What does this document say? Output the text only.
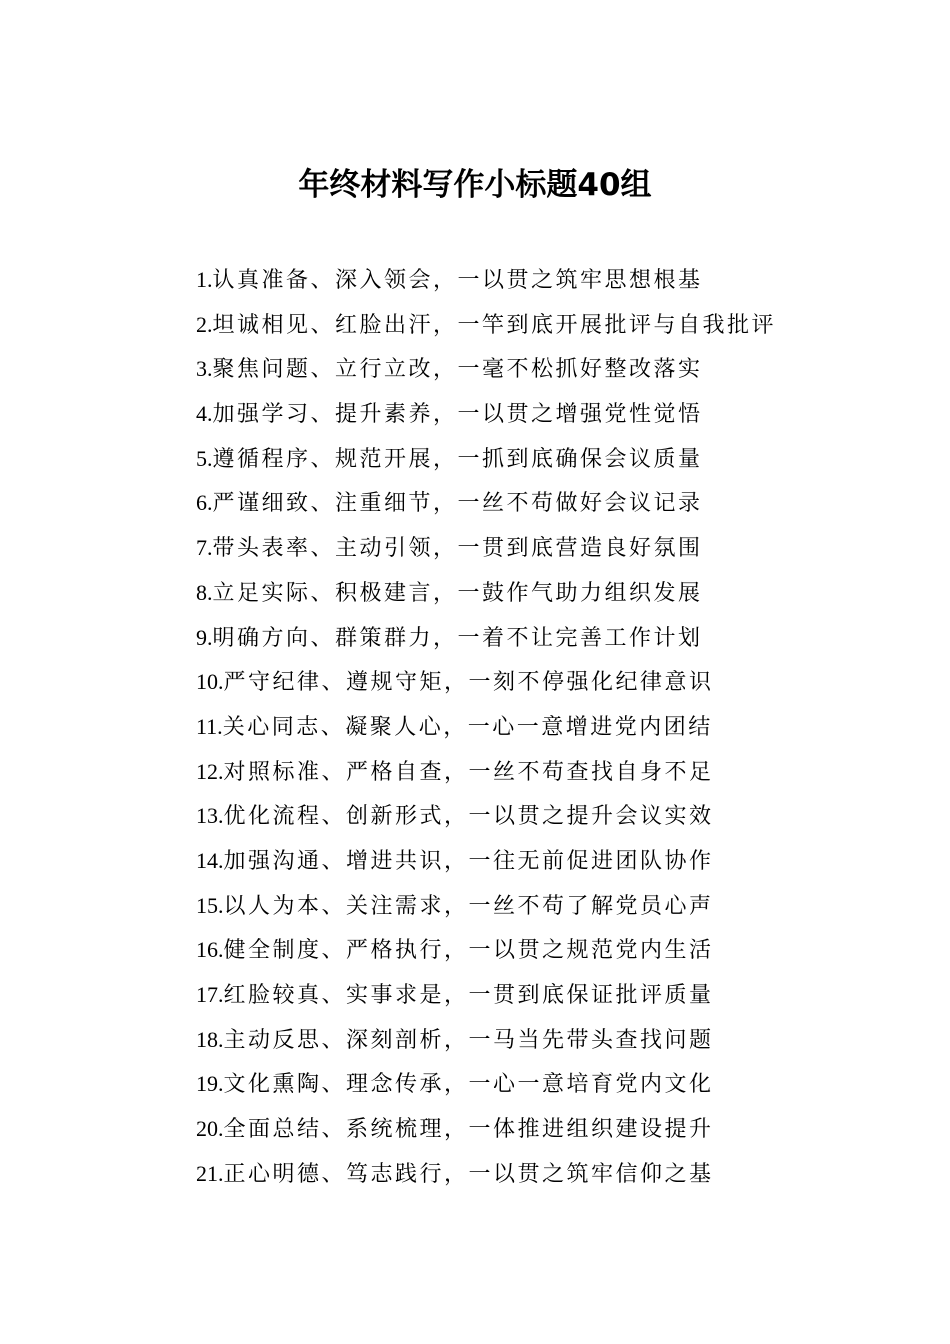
年终材料写作小标题40组
1.认真准备、深入领会，一以贯之筑牢思想根基
2.坦诚相见、红脸出汗，一竿到底开展批评与自我批评
3.聚焦问题、立行立改，一毫不松抓好整改落实
4.加强学习、提升素养，一以贯之增强党性觉悟
5.遵循程序、规范开展，一抓到底确保会议质量
6.严谨细致、注重细节，一丝不苟做好会议记录
7.带头表率、主动引领，一贯到底营造良好氛围
8.立足实际、积极建言，一鼓作气助力组织发展
9.明确方向、群策群力，一着不让完善工作计划
10.严守纪律、遵规守矩，一刻不停强化纪律意识
11.关心同志、凝聚人心，一心一意增进党内团结
12.对照标准、严格自查，一丝不苟查找自身不足
13.优化流程、创新形式，一以贯之提升会议实效
14.加强沟通、增进共识，一往无前促进团队协作
15.以人为本、关注需求，一丝不苟了解党员心声
16.健全制度、严格执行，一以贯之规范党内生活
17.红脸较真、实事求是，一贯到底保证批评质量
18.主动反思、深刻剖析，一马当先带头查找问题
19.文化熏陶、理念传承，一心一意培育党内文化
20.全面总结、系统梳理，一体推进组织建设提升
21.正心明德、笃志践行，一以贯之筑牢信仰之基
